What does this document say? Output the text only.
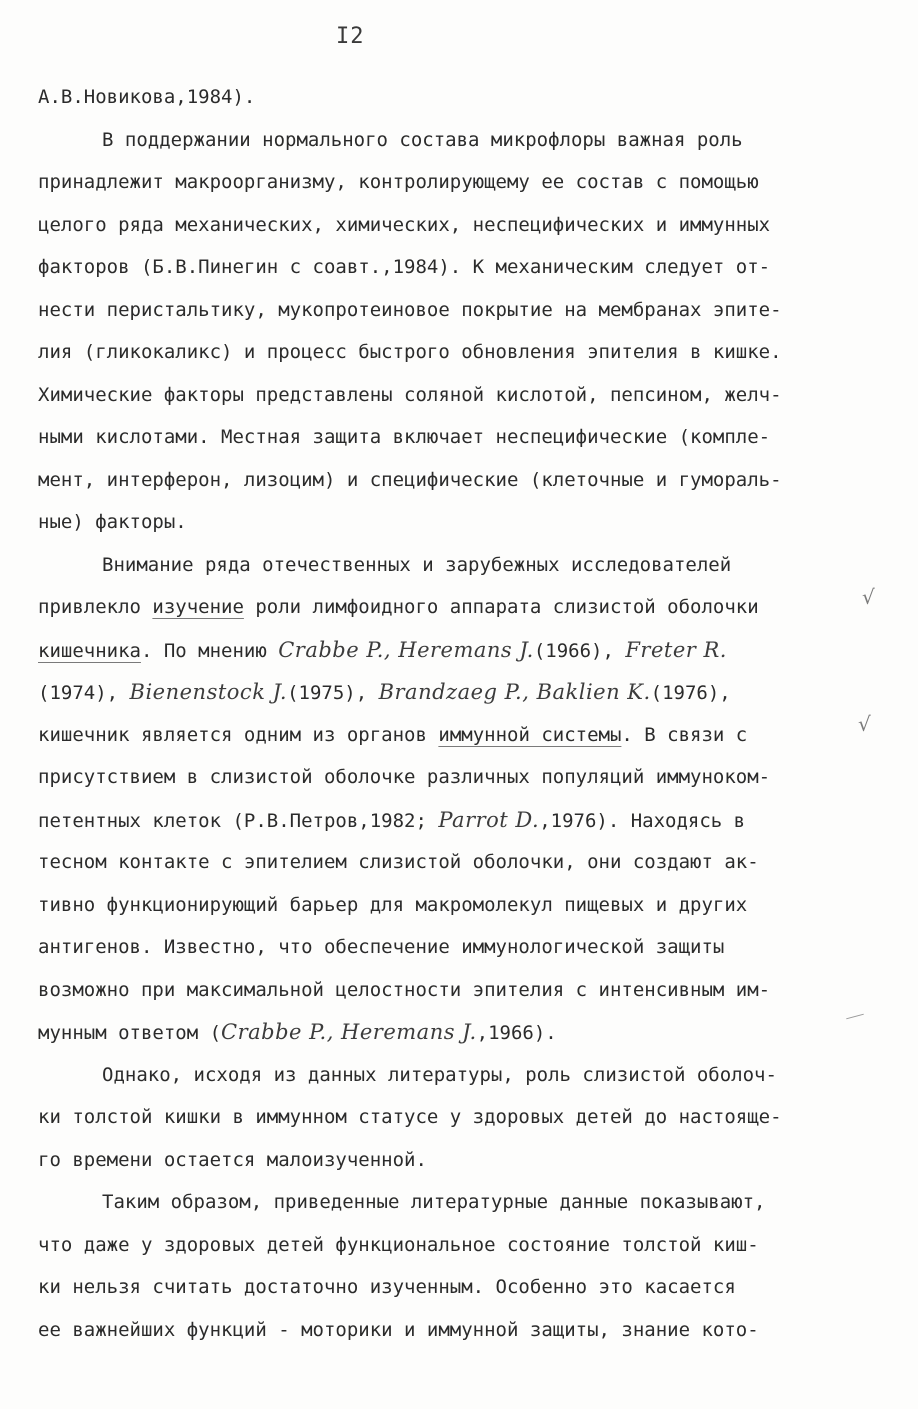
I2
А.В.Новикова,1984).
В поддержании нормального состава микрофлоры важная роль
принадлежит макроорганизму, контролирующему ее состав с помощью
целого ряда механических, химических, неспецифических и иммунных
факторов (Б.В.Пинегин с соавт.,1984). К механическим следует от-
нести перистальтику, мукопротеиновое покрытие на мембранах эпите-
лия (гликокаликс) и процесс быстрого обновления эпителия в кишке.
Химические факторы представлены соляной кислотой, пепсином, желч-
ными кислотами. Местная защита включает неспецифические (компле-
мент, интерферон, лизоцим) и специфические (клеточные и гумораль-
ные) факторы.
Внимание ряда отечественных и зарубежных исследователей
привлекло изучение роли лимфоидного аппарата слизистой оболочки
кишечника. По мнению Crabbe P., Heremans J.(1966), Freter R.
(1974), Bienenstock J.(1975), Brandzaeg P., Baklien K.(1976),
кишечник является одним из органов иммунной системы. В связи с
присутствием в слизистой оболочке различных популяций иммуноком-
петентных клеток (Р.В.Петров,1982; Parrot D.,1976). Находясь в
тесном контакте с эпителием слизистой оболочки, они создают ак-
тивно функционирующий барьер для макромолекул пищевых и других
антигенов. Известно, что обеспечение иммунологической защиты
возможно при максимальной целостности эпителия с интенсивным им-
мунным ответом (Crabbe P., Heremans J.,1966).
Однако, исходя из данных литературы, роль слизистой оболоч-
ки толстой кишки в иммунном статусе у здоровых детей до настояще-
го времени остается малоизученной.
Таким образом, приведенные литературные данные показывают,
что даже у здоровых детей функциональное состояние толстой киш-
ки нельзя считать достаточно изученным. Особенно это касается
ее важнейших функций - моторики и иммунной защиты, знание кото-
√
√
